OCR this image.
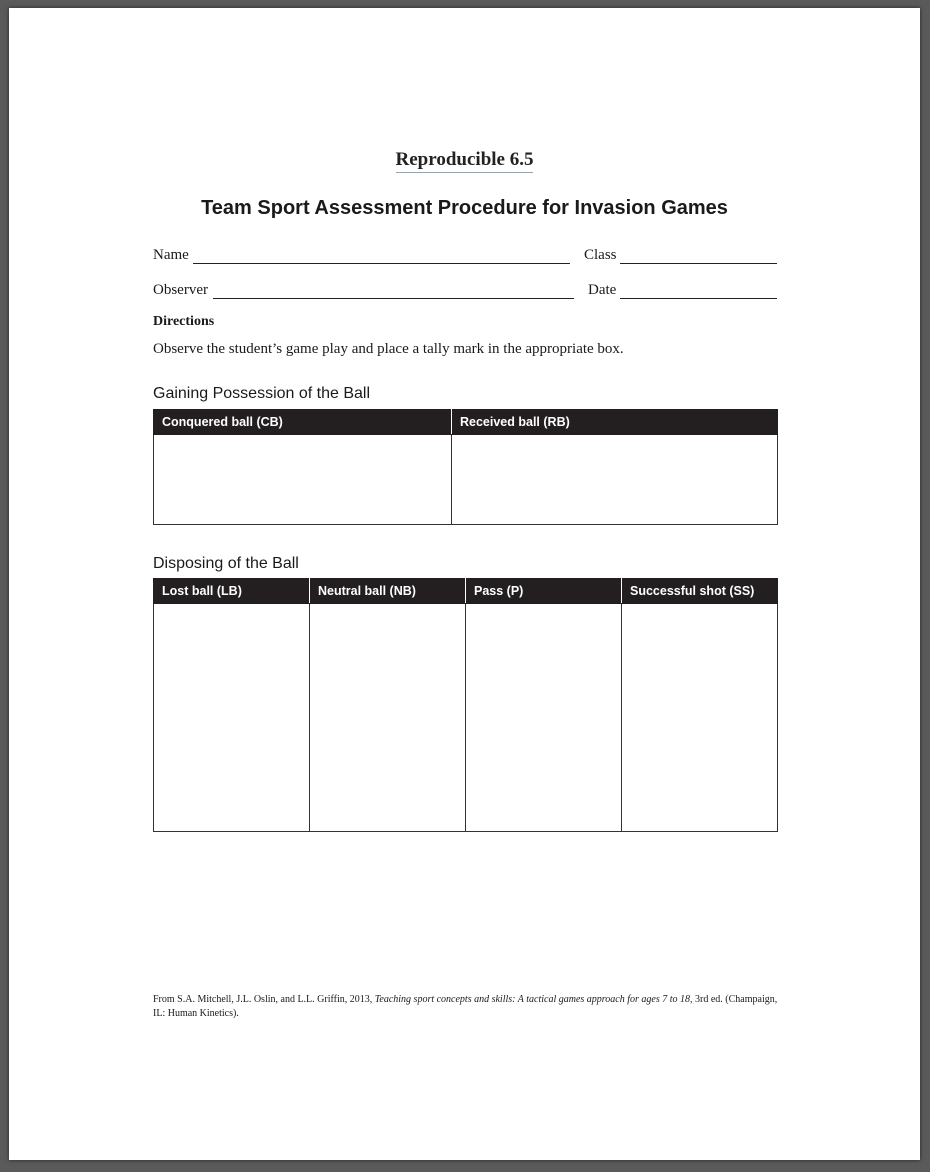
Reproducible 6.5
Team Sport Assessment Procedure for Invasion Games
Name	Class
Observer	Date
Directions
Observe the student’s game play and place a tally mark in the appropriate box.
Gaining Possession of the Ball
Conquered ball (CB)	Received ball (RB)

Disposing of the Ball
Lost ball (LB)	Neutral ball (NB)	Pass (P)	Successful shot (SS)

From S.A. Mitchell, J.L. Oslin, and L.L. Griffin, 2013, Teaching sport concepts and skills: A tactical games approach for ages 7 to 18, 3rd ed. (Champaign, IL: Human Kinetics).
